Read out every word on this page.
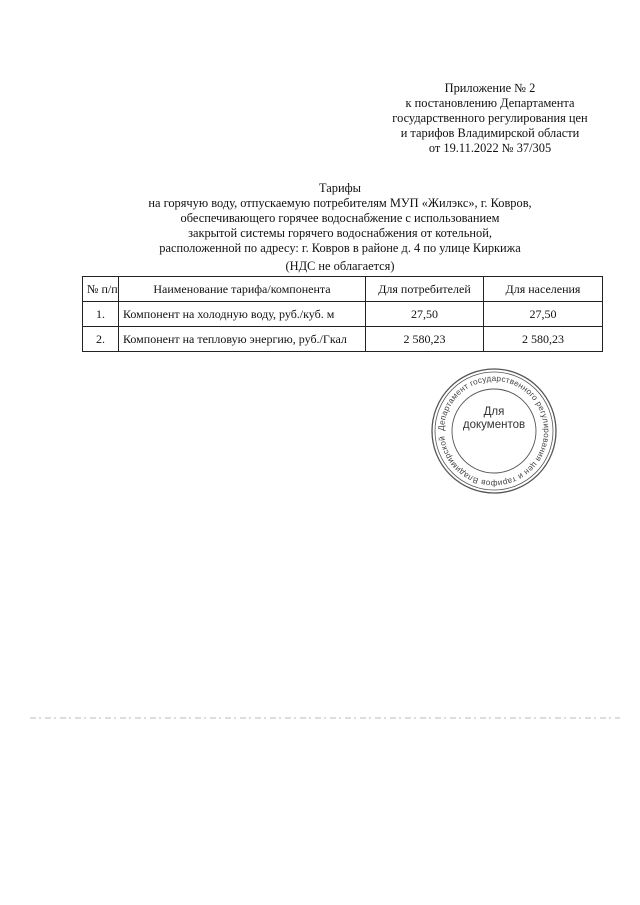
Приложение № 2
к постановлению Департамента
государственного регулирования цен
и тарифов Владимирской области
от 19.11.2022 № 37/305
Тарифы
на горячую воду, отпускаемую потребителям МУП «Жилэкс», г. Ковров,
обеспечивающего горячее водоснабжение с использованием
закрытой системы горячего водоснабжения от котельной,
расположенной по адресу: г. Ковров в районе д. 4 по улице Киркижа
(НДС не облагается)
№ п/п	Наименование тарифа/компонента	Для потребителей	Для населения
1.	Компонент на холодную воду, руб./куб. м	27,50	27,50
2.	Компонент на тепловую энергию, руб./Гкал	2 580,23	2 580,23
Департамент государственного регулирования цен и тарифов Владимирской
Для
документов
